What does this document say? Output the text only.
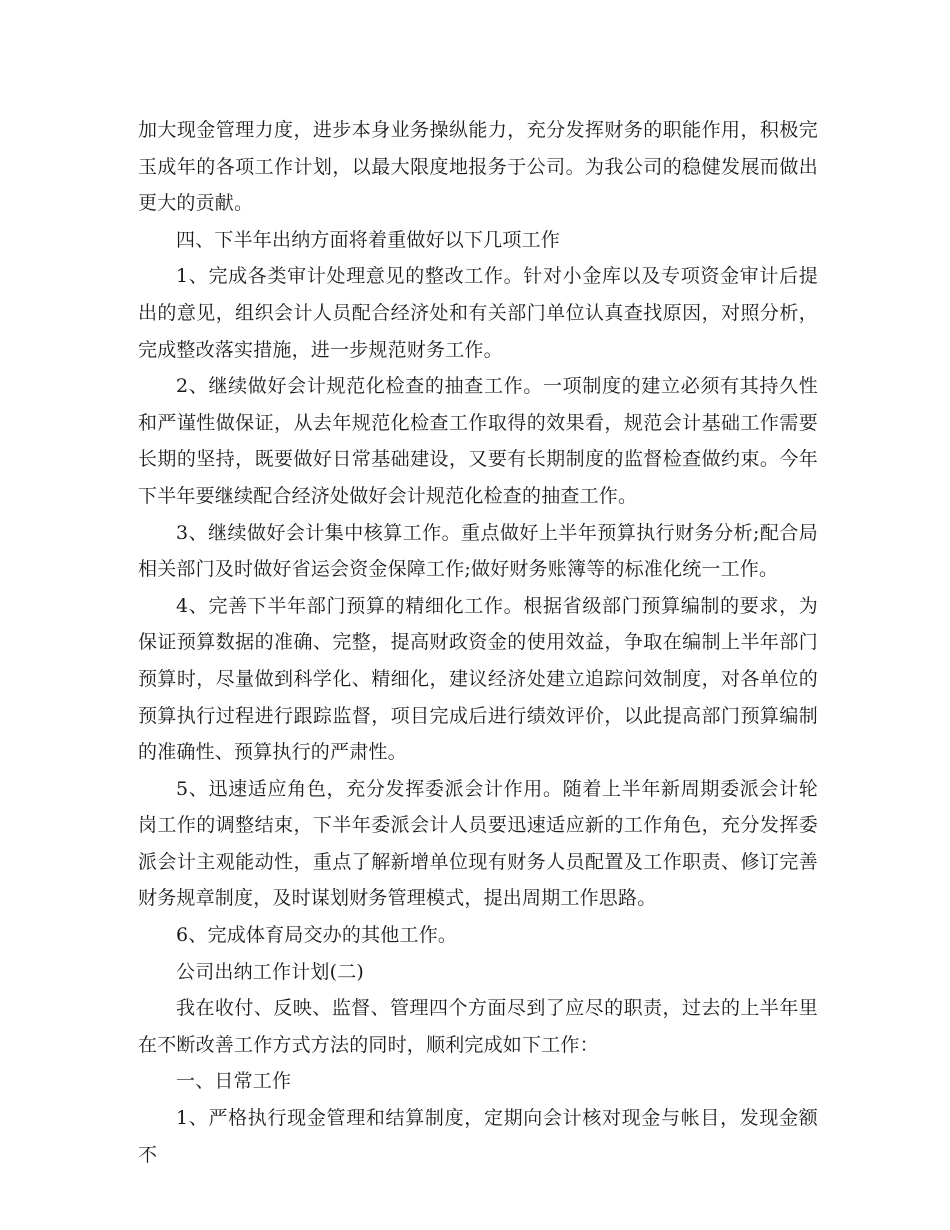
加大现金管理力度，进步本身业务操纵能力，充分发挥财务的职能作用，积极完玉成年的各项工作计划，以最大限度地报务于公司。为我公司的稳健发展而做出更大的贡献。

四、下半年出纳方面将着重做好以下几项工作

1、完成各类审计处理意见的整改工作。针对小金库以及专项资金审计后提出的意见，组织会计人员配合经济处和有关部门单位认真查找原因，对照分析，完成整改落实措施，进一步规范财务工作。

2、继续做好会计规范化检查的抽查工作。一项制度的建立必须有其持久性和严谨性做保证，从去年规范化检查工作取得的效果看，规范会计基础工作需要长期的坚持，既要做好日常基础建设，又要有长期制度的监督检查做约束。今年下半年要继续配合经济处做好会计规范化检查的抽查工作。

3、继续做好会计集中核算工作。重点做好上半年预算执行财务分析;配合局相关部门及时做好省运会资金保障工作;做好财务账簿等的标准化统一工作。

4、完善下半年部门预算的精细化工作。根据省级部门预算编制的要求，为保证预算数据的准确、完整，提高财政资金的使用效益，争取在编制上半年部门预算时，尽量做到科学化、精细化，建议经济处建立追踪问效制度，对各单位的预算执行过程进行跟踪监督，项目完成后进行绩效评价，以此提高部门预算编制的准确性、预算执行的严肃性。

5、迅速适应角色，充分发挥委派会计作用。随着上半年新周期委派会计轮岗工作的调整结束，下半年委派会计人员要迅速适应新的工作角色，充分发挥委派会计主观能动性，重点了解新增单位现有财务人员配置及工作职责、修订完善财务规章制度，及时谋划财务管理模式，提出周期工作思路。

6、完成体育局交办的其他工作。

公司出纳工作计划(二)

我在收付、反映、监督、管理四个方面尽到了应尽的职责，过去的上半年里在不断改善工作方式方法的同时，顺利完成如下工作：

一、日常工作

1、严格执行现金管理和结算制度，定期向会计核对现金与帐目，发现金额不
